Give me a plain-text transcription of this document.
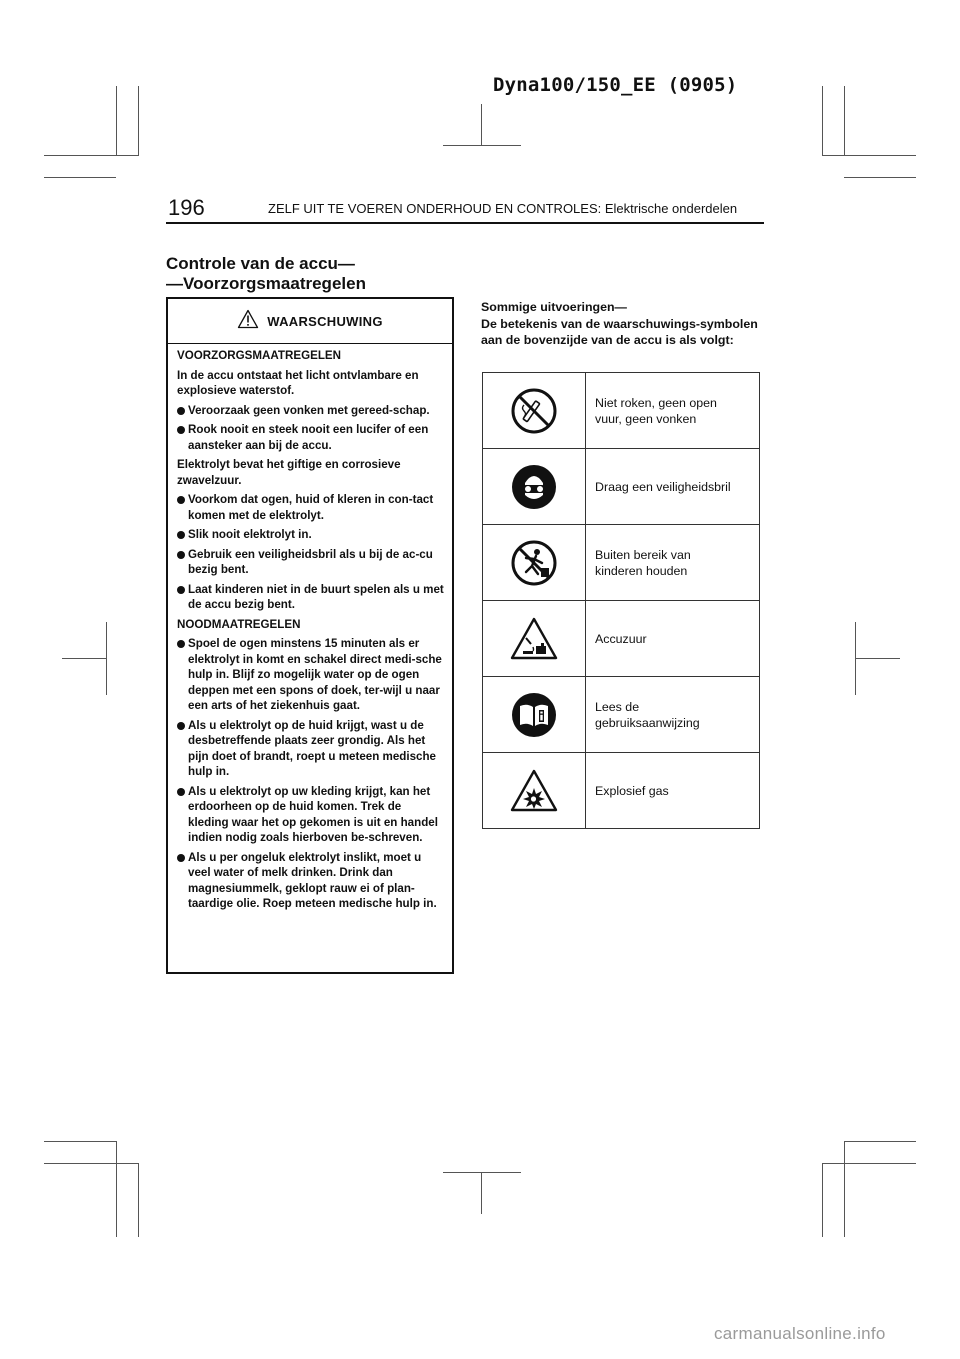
Dyna100/150_EE (0905)
196	ZELF UIT TE VOEREN ONDERHOUD EN CONTROLES: Elektrische onderdelen
Controle van de accu—
—Voorzorgsmaatregelen
WAARSCHUWING
VOORZORGSMAATREGELEN
In de accu ontstaat het licht ontvlambare en explosieve waterstof.
Veroorzaak geen vonken met gereed-schap.
Rook nooit en steek nooit een lucifer of een aansteker aan bij de accu.
Elektrolyt bevat het giftige en corrosieve zwavelzuur.
Voorkom dat ogen, huid of kleren in con-tact komen met de elektrolyt.
Slik nooit elektrolyt in.
Gebruik een veiligheidsbril als u bij de ac-cu bezig bent.
Laat kinderen niet in de buurt spelen als u met de accu bezig bent.
NOODMAATREGELEN
Spoel de ogen minstens 15 minuten als er elektrolyt in komt en schakel direct medi-sche hulp in. Blijf zo mogelijk water op de ogen deppen met een spons of doek, ter-wijl u naar een arts of het ziekenhuis gaat.
Als u elektrolyt op de huid krijgt, wast u de desbetreffende plaats zeer grondig. Als het pijn doet of brandt, roept u meteen medische hulp in.
Als u elektrolyt op uw kleding krijgt, kan het erdoorheen op de huid komen. Trek de kleding waar het op gekomen is uit en handel indien nodig zoals hierboven be-schreven.
Als u per ongeluk elektrolyt inslikt, moet u veel water of melk drinken. Drink dan magnesiummelk, geklopt rauw ei of plan-taardige olie. Roep meteen medische hulp in.
Sommige uitvoeringen—
De betekenis van de waarschuwings-symbolen aan de bovenzijde van de accu is als volgt:
Niet roken, geen open
vuur, geen vonken
Draag een veiligheidsbril
Buiten bereik van
kinderen houden
Accuzuur
Lees de
gebruiksaanwijzing
Explosief gas
carmanualsonline.info
